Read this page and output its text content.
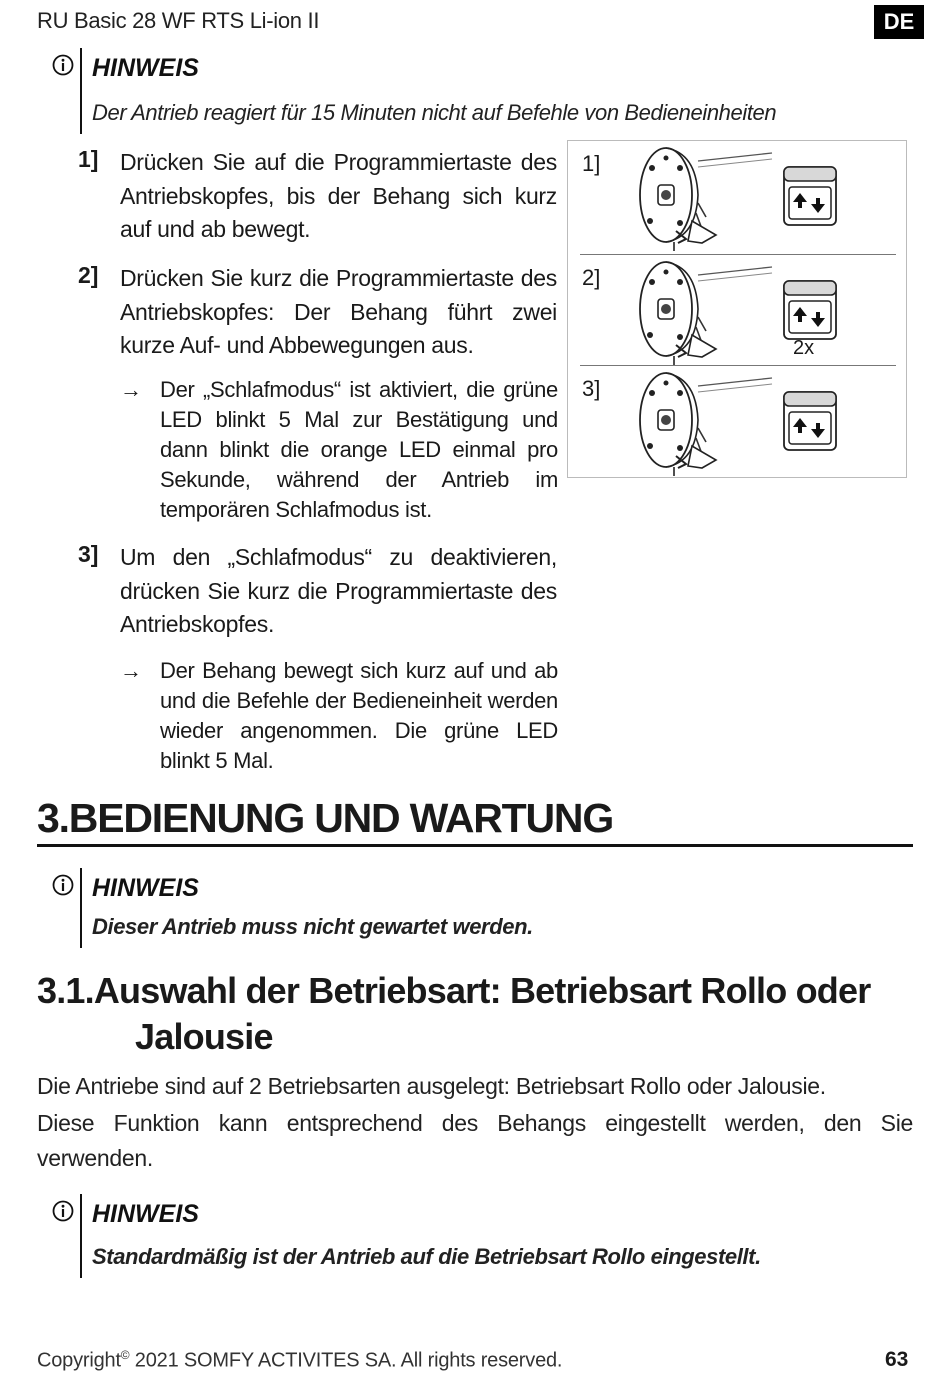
RU Basic 28 WF RTS Li-ion II	DE
HINWEIS
Der Antrieb reagiert für 15 Minuten nicht auf Befehle von Bedieneinheiten
1] Drücken Sie auf die Programmiertaste des Antriebskopfes, bis der Behang sich kurz auf und ab bewegt.
2] Drücken Sie kurz die Programmiertaste des Antriebskopfes: Der Behang führt zwei kurze Auf- und Abbewegungen aus.
→ Der „Schlafmodus“ ist aktiviert, die grüne LED blinkt 5 Mal zur Bestätigung und dann blinkt die orange LED einmal pro Sekunde, während der Antrieb im temporären Schlafmodus ist.
3] Um den „Schlafmodus“ zu deaktivieren, drücken Sie kurz die Programmiertaste des Antriebskopfes.
→ Der Behang bewegt sich kurz auf und ab und die Befehle der Bedieneinheit werden wieder angenommen. Die grüne LED blinkt 5 Mal.
1]
2]
2x
3]
3.BEDIENUNG UND WARTUNG
HINWEIS
Dieser Antrieb muss nicht gewartet werden.
3.1.Auswahl der Betriebsart: Betriebsart Rollo oder
Jalousie
Die Antriebe sind auf 2 Betriebsarten ausgelegt: Betriebsart Rollo oder Jalousie.
Diese Funktion kann entsprechend des Behangs eingestellt werden, den Sie verwenden.
HINWEIS
Standardmäßig ist der Antrieb auf die Betriebsart Rollo eingestellt.
Copyright© 2021 SOMFY ACTIVITES SA. All rights reserved.	63
